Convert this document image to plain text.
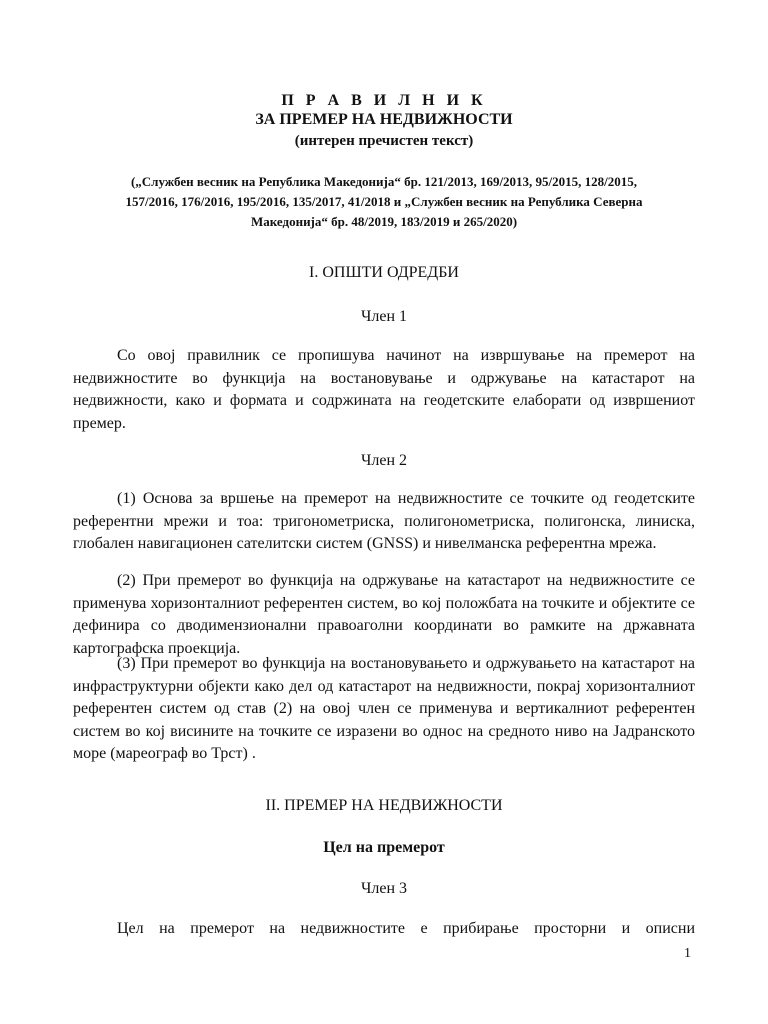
П Р А В И Л Н И К
ЗА ПРЕМЕР НА НЕДВИЖНОСТИ
(интерен пречистен текст)
(„Службен весник на Република Македонија“ бр. 121/2013, 169/2013, 95/2015, 128/2015,
157/2016, 176/2016, 195/2016, 135/2017, 41/2018 и „Службен весник на Република Северна
Македонија“ бр. 48/2019, 183/2019 и 265/2020)
I. ОПШТИ ОДРЕДБИ
Член 1

Со овој правилник се пропишува начинот на извршување на премерот на недвижностите во функција на востановување и одржување на катастарот на недвижности, како и формата и содржината на геодетските елаборати од извршениот премер.

Член 2

(1) Основа за вршење на премерот на недвижностите се точките од геодетските референтни мрежи и тоа: тригонометриска, полигонометриска, полигонска, линиска, глобален навигационен сателитски систем (GNSS) и нивелманска референтна мрежа.

(2) При премерот во функција на одржување на катастарот на недвижностите се применува хоризонталниот референтен систем, во кој положбата на точките и објектите се дефинира со дводимензионални правоаголни координати во рамките на државната картографска проекција.

(3) При премерот во функција на востановувањето и одржувањето на катастарот на инфраструктурни објекти како дел од катастарот на недвижности, покрај хоризонталниот референтен систем од став (2) на овој член се применува и вертикалниот референтен систем во кој висините на точките се изразени во однос на средното ниво на Јадранското море (мареограф во Трст) .

II. ПРЕМЕР НА НЕДВИЖНОСТИ
Цел на премерот
Член 3

Цел на премерот на недвижностите е прибирање просторни и описни

1
